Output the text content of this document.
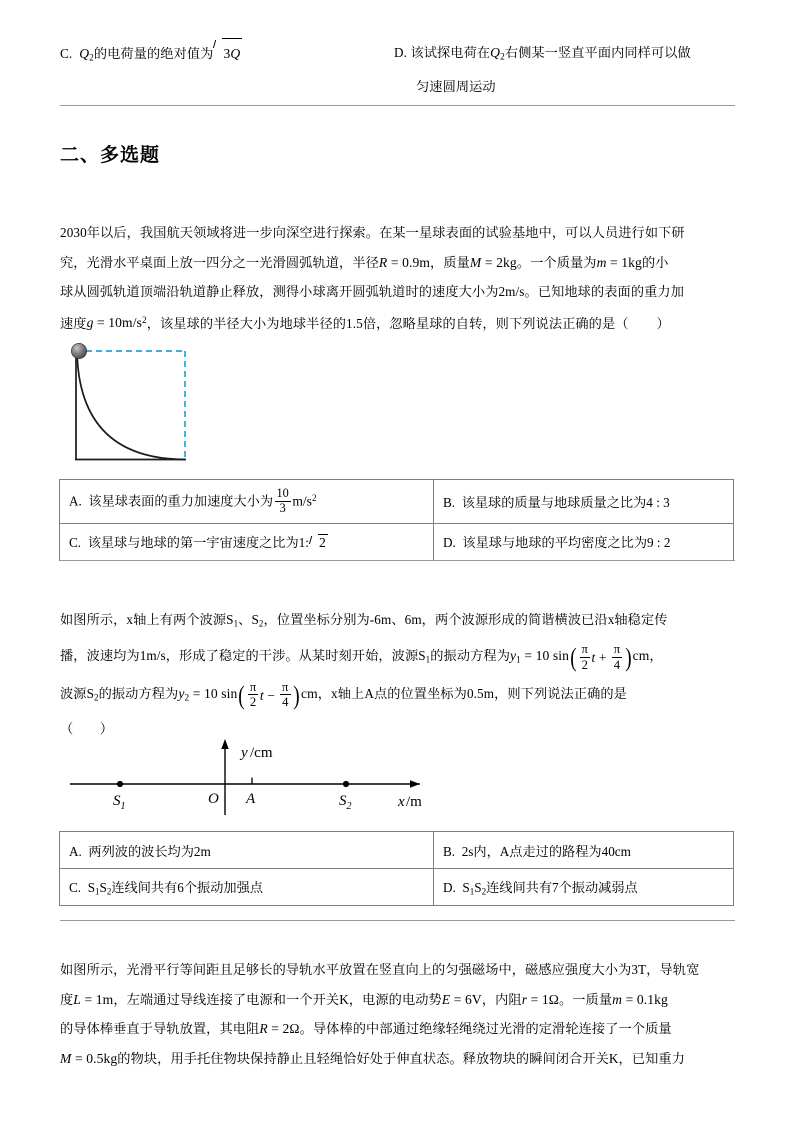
C. $Q_2$的电荷量的绝对值为 3Q	D. 该试探电荷在$Q_2$右侧某一竖直平面内同样可以做
匀速圆周运动
二、多选题
2030年以后，我国航天领域将进一步向深空进行探索。在某一星球表面的试验基地中，可以人员进行如下研
究，光滑水平桌面上放一四分之一光滑圆弧轨道，半径R = 0.9m，质量M = 2kg。一个质量为m = 1kg的小
球从圆弧轨道顶端沿轨道静止释放，测得小球离开圆弧轨道时的速度大小为2m/s。已知地球的表面的重力加
速度$g = 10m/s^2$，该星球的半径大小为地球半径的1.5倍，忽略星球的自转，则下列说法正确的是（ ）
A. 该星球表面的重力加速度大小为 $\frac{10}{3} m/s^2$	B. 该星球的质量与地球质量之比为4 : 3
C. 该星球与地球的第一宇宙速度之比为1: 2	D. 该星球与地球的平均密度之比为9 : 2
如图所示，x轴上有两个波源$S_1$、$S_2$，位置坐标分别为-6m、6m，两个波源形成的简谐横波已沿x轴稳定传
播，波速均为1m/s，形成了稳定的干涉。从某时刻开始，波源$S_1$的振动方程为$y_1 = 10$ $\sin( \frac{\pi}{2}$ $t + \frac{\pi}{4} )cm$，
波源$S_2$的振动方程为$y_2 = 10$ $\sin( \frac{\pi}{2}$ $t - \frac{\pi}{4} )cm$，x轴上A点的位置坐标为0.5m，则下列说法正确的是
（　　）
y /cm
x /m
O A
$S_1$	$S_2$
A. 两列波的波长均为2m	B. 2s内，A点走过的路程为40cm
C. $S_1S_2$连线间共有6个振动加强点	D. $S_1S_2$连线间共有7个振动减弱点
如图所示，光滑平行等间距且足够长的导轨水平放置在竖直向上的匀强磁场中，磁感应强度大小为3T，导轨宽
度L = 1m，左端通过导线连接了电源和一个开关K，电源的电动势E = 6V，内阻r = 1Ω。一质量m = 0.1kg
的导体棒垂直于导轨放置，其电阻R = 2Ω。导体棒的中部通过绝缘轻绳绕过光滑的定滑轮连接了一个质量
M = 0.5kg的物块，用手托住物块保持静止且轻绳恰好处于伸直状态。释放物块的瞬间闭合开关K，已知重力
